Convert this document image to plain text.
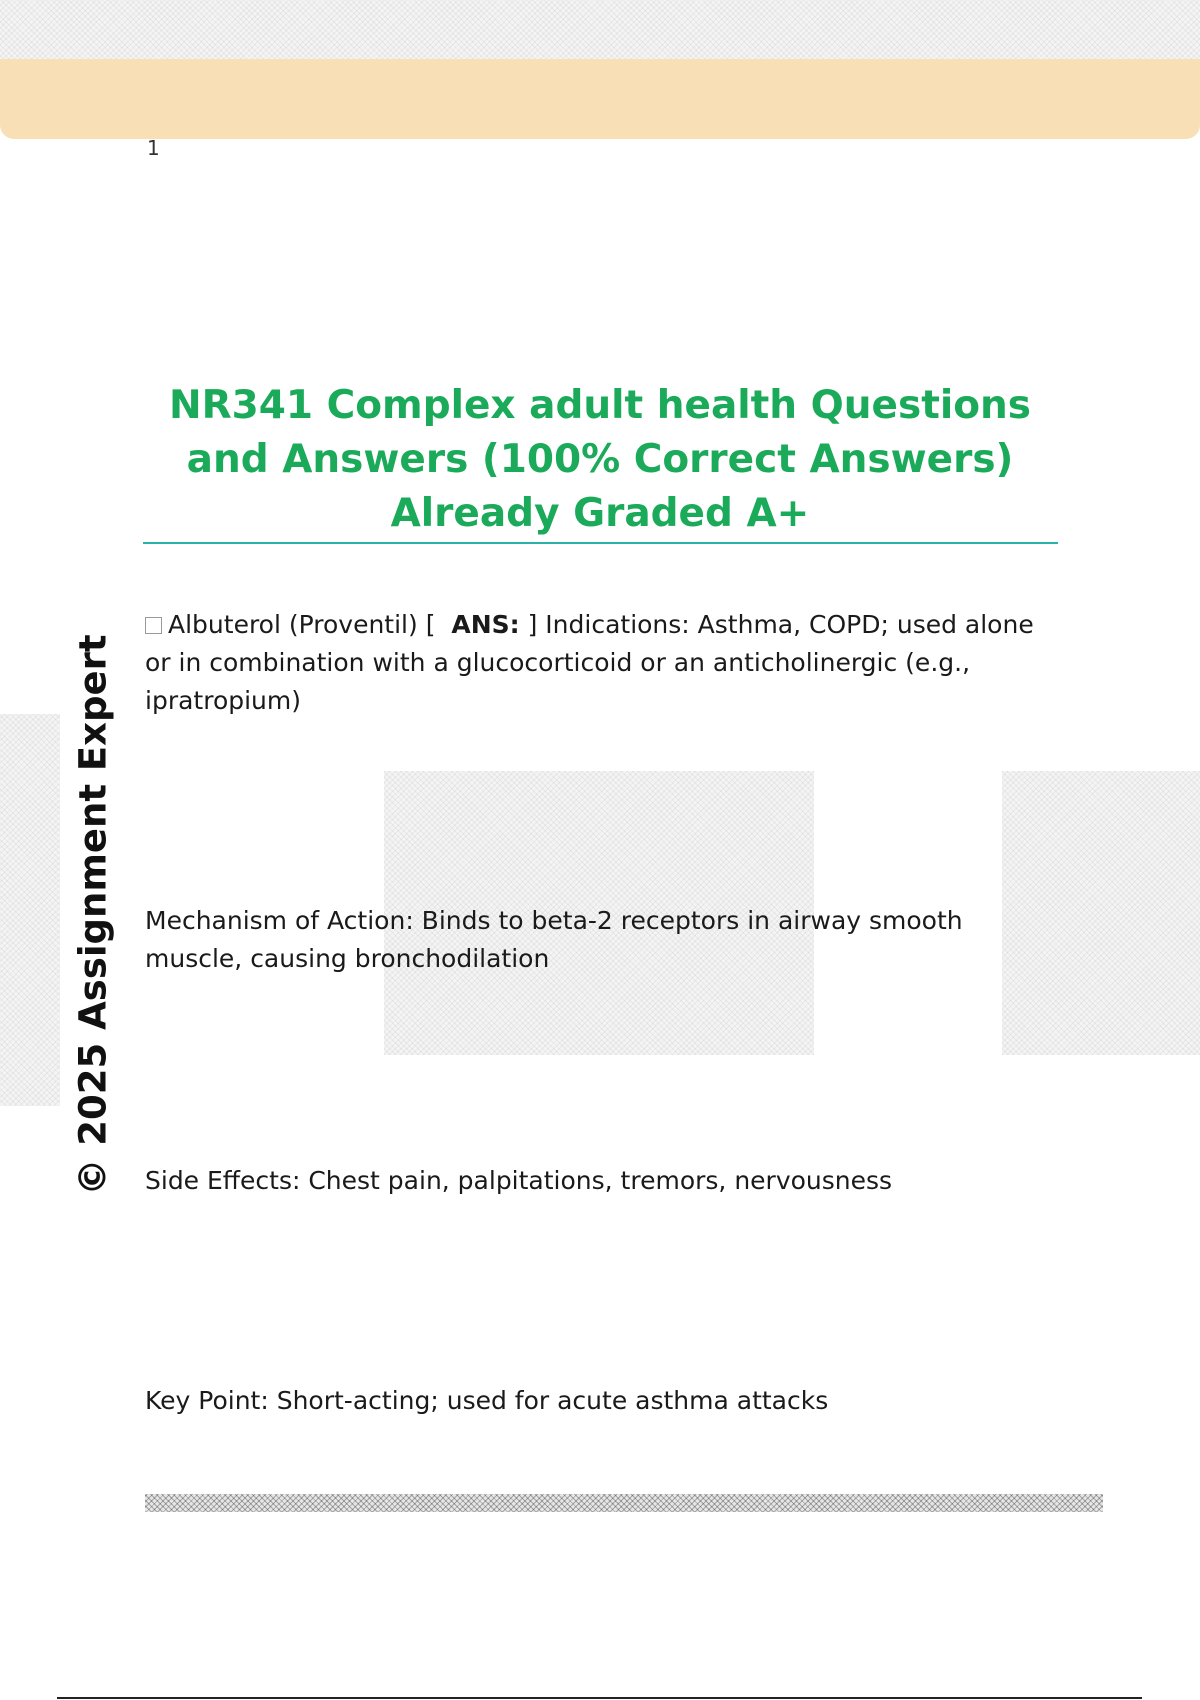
1
© 2025 Assignment Expert
NR341 Complex adult health Questions and Answers (100% Correct Answers) Already Graded A+

Albuterol (Proventil) [ ANS: ] Indications: Asthma, COPD; used alone or in combination with a glucocorticoid or an anticholinergic (e.g., ipratropium)

Mechanism of Action: Binds to beta-2 receptors in airway smooth muscle, causing bronchodilation

Side Effects: Chest pain, palpitations, tremors, nervousness

Key Point: Short-acting; used for acute asthma attacks
